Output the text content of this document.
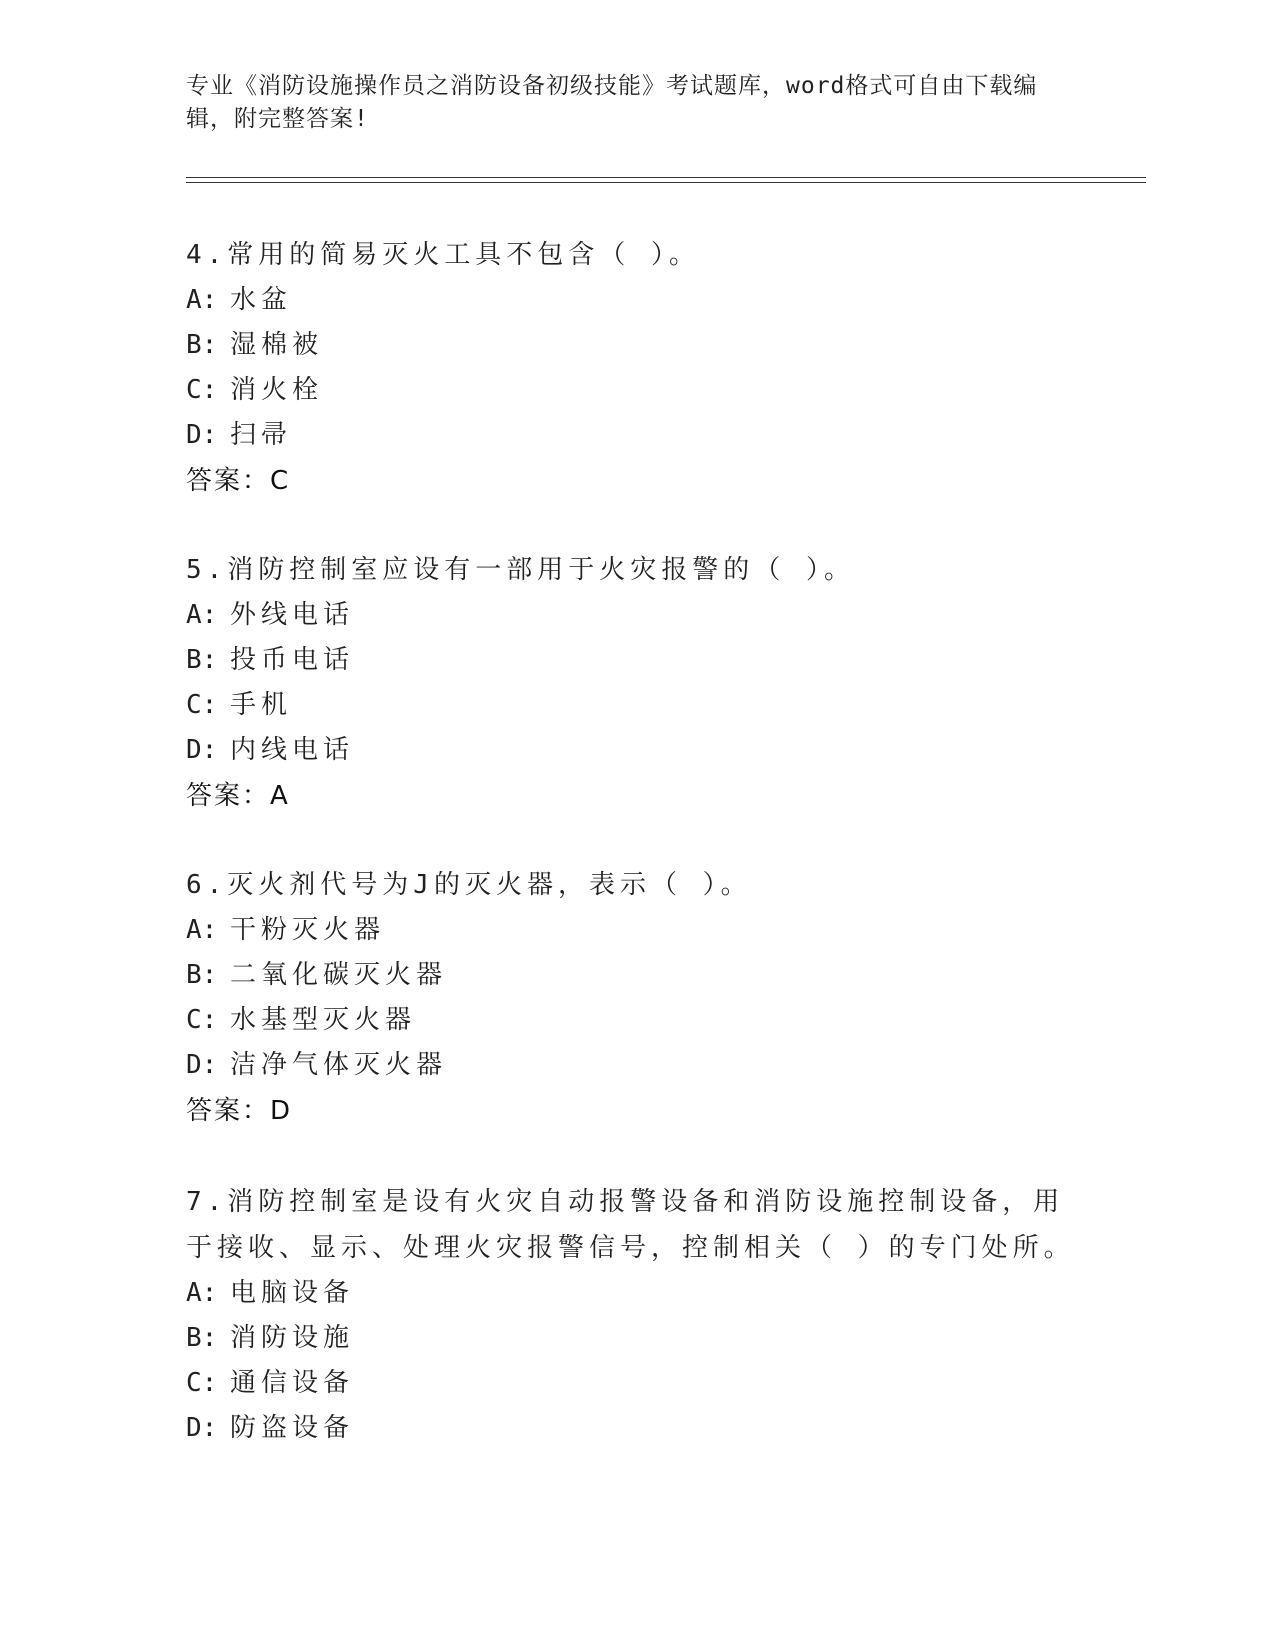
专业《消防设施操作员之消防设备初级技能》考试题库，word格式可自由下载编辑，附完整答案!
4.常用的简易灭火工具不包含（ ）。
A: 水盆
B: 湿棉被
C: 消火栓
D: 扫帚
答案：C
5.消防控制室应设有一部用于火灾报警的（ ）。
A: 外线电话
B: 投币电话
C: 手机
D: 内线电话
答案：A
6.灭火剂代号为J的灭火器，表示（ ）。
A: 干粉灭火器
B: 二氧化碳灭火器
C: 水基型灭火器
D: 洁净气体灭火器
答案：D
7.消防控制室是设有火灾自动报警设备和消防设施控制设备，用于接收、显示、处理火灾报警信号，控制相关（ ）的专门处所。
A: 电脑设备
B: 消防设施
C: 通信设备
D: 防盗设备
